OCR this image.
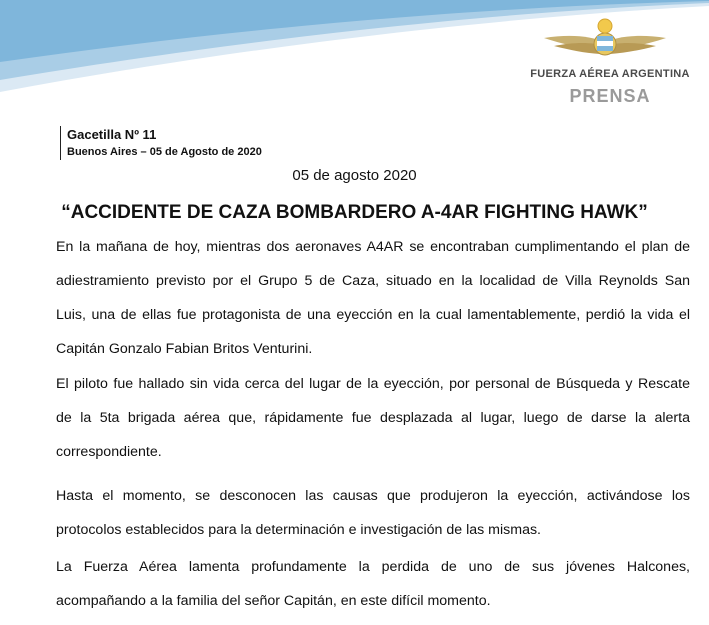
FUERZA AÉREA ARGENTINA
PRENSA
Gacetilla Nº 11
Buenos Aires – 05 de Agosto de 2020
05 de agosto 2020
“ACCIDENTE DE CAZA BOMBARDERO A-4AR FIGHTING HAWK”
En la mañana de hoy, mientras dos aeronaves A4AR se encontraban cumplimentando el plan de
adiestramiento previsto por el Grupo 5 de Caza, situado en la localidad de Villa Reynolds San
Luis, una de ellas fue protagonista de una eyección en la cual lamentablemente, perdió la vida el
Capitán Gonzalo Fabian Britos Venturini.
El piloto fue hallado sin vida cerca del lugar de la eyección, por personal de Búsqueda y Rescate
de la 5ta brigada aérea que, rápidamente fue desplazada al lugar, luego de darse la alerta
correspondiente.
Hasta el momento, se desconocen las causas que produjeron la eyección, activándose los
protocolos establecidos para la determinación e investigación de las mismas.
La Fuerza Aérea lamenta profundamente la perdida de uno de sus jóvenes Halcones,
acompañando a la familia del señor Capitán, en este difícil momento.
